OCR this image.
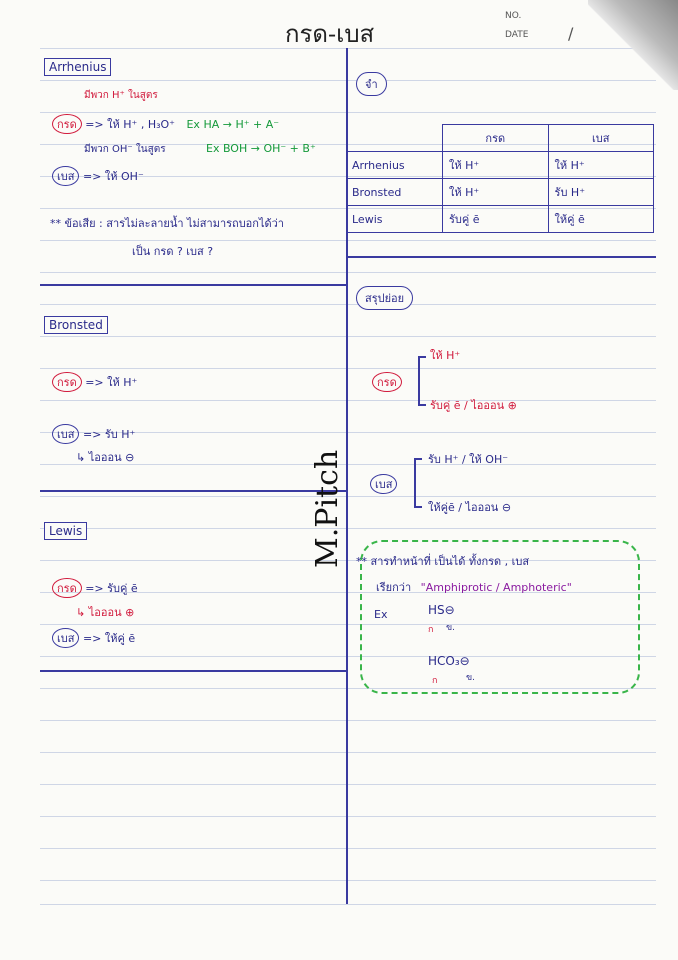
กรด-เบส
NO.
DATE /
Arrhenius
มีพวก H⁺ ในสูตร
กรด => ให้ H⁺ , H₃O⁺ Ex HA → H⁺ + A⁻
มีพวก OH⁻ ในสูตร	Ex BOH → OH⁻ + B⁺
เบส => ให้ OH⁻
** ข้อเสีย : สารไม่ละลายน้ำ ไม่สามารถบอกได้ว่า
เป็น กรด ? เบส ?
Bronsted
กรด => ให้ H⁺
เบส => รับ H⁺
↳ ไอออน ⊖
Lewis
กรด => รับคู่ ē
↳ ไอออน ⊕
เบส => ให้คู่ ē
M.Pitch
จำ
	กรด	เบส
Arrhenius	ให้ H⁺	ให้ H⁺
Bronsted	ให้ H⁺	รับ H⁺
Lewis	รับคู่ ē	ให้คู่ ē
สรุปย่อย
กรด
ให้ H⁺
รับคู่ ē / ไอออน ⊕
เบส
รับ H⁺ / ให้ OH⁻
ให้คู่ē / ไอออน ⊖
** สารทำหน้าที่ เป็นได้ ทั้งกรด , เบส
เรียกว่า "Amphiprotic / Amphoteric"
Ex	HS⊖
ก ข.
HCO₃⊖
ก	ข.
